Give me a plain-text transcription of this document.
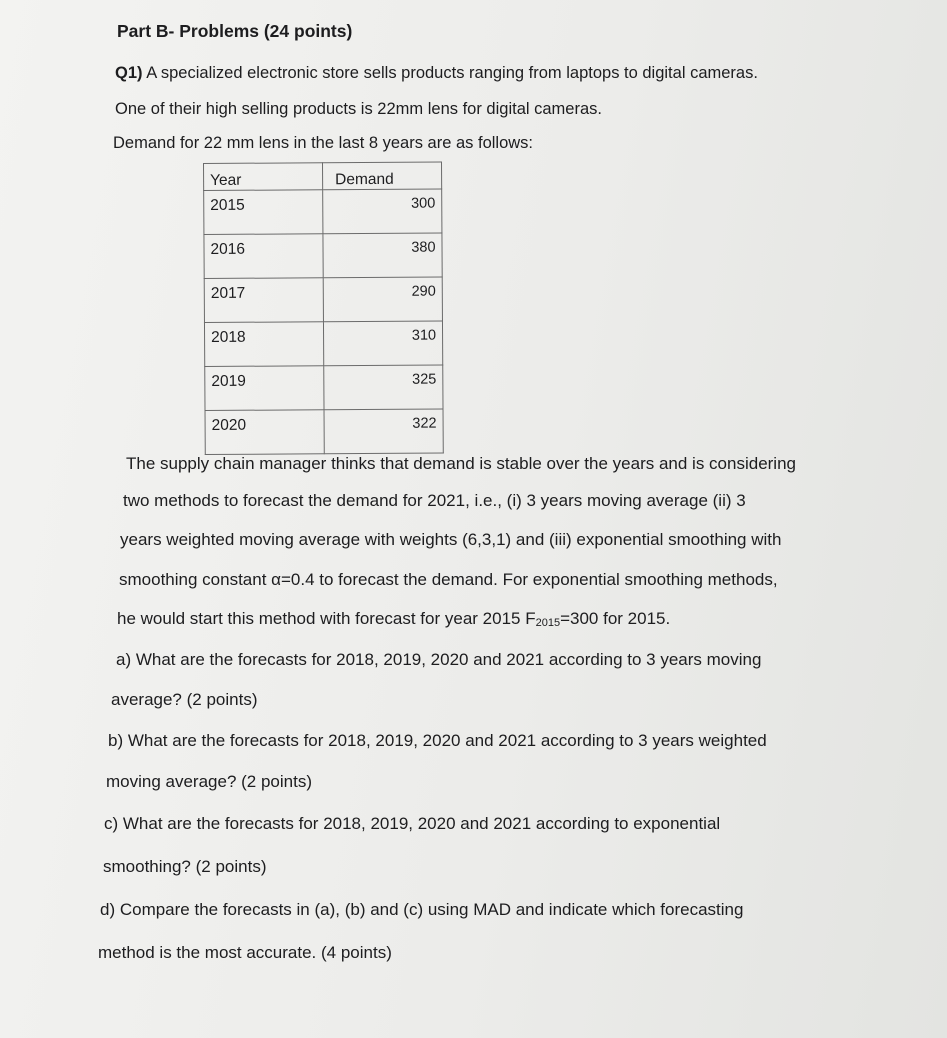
Part B- Problems (24 points)
Q1) A specialized electronic store sells products ranging from laptops to digital cameras.
One of their high selling products is 22mm lens for digital cameras.
Demand for 22 mm lens in the last 8 years are as follows:
Year	Demand
2015	300
2016	380
2017	290
2018	310
2019	325
2020	322
The supply chain manager thinks that demand is stable over the years and is considering
two methods to forecast the demand for 2021, i.e., (i) 3 years moving average (ii) 3
years weighted moving average with weights (6,3,1) and (iii) exponential smoothing with
smoothing constant α=0.4 to forecast the demand. For exponential smoothing methods,
he would start this method with forecast for year 2015 $F_{2015}=300$ for 2015.
a) What are the forecasts for 2018, 2019, 2020 and 2021 according to 3 years moving
average? (2 points)
b) What are the forecasts for 2018, 2019, 2020 and 2021 according to 3 years weighted
moving average? (2 points)
c) What are the forecasts for 2018, 2019, 2020 and 2021 according to exponential
smoothing? (2 points)
d) Compare the forecasts in (a), (b) and (c) using MAD and indicate which forecasting
method is the most accurate. (4 points)
